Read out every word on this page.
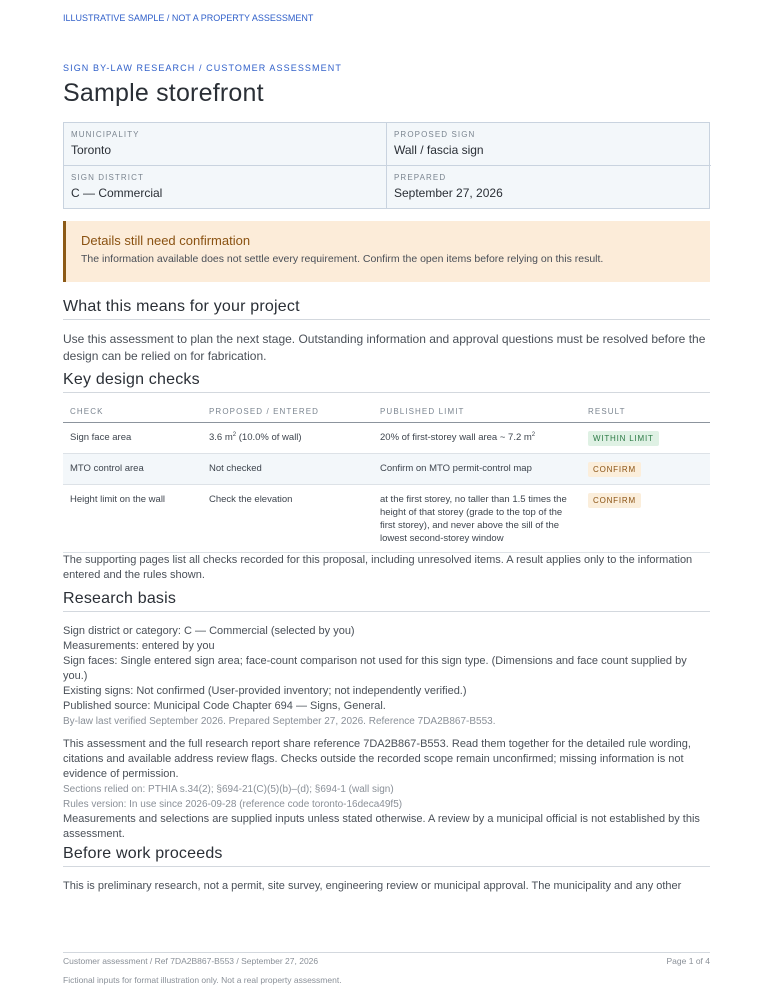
ILLUSTRATIVE SAMPLE / NOT A PROPERTY ASSESSMENT
SIGN BY-LAW RESEARCH / CUSTOMER ASSESSMENT
Sample storefront
MUNICIPALITY
Toronto
PROPOSED SIGN
Wall / fascia sign
SIGN DISTRICT
C — Commercial
PREPARED
September 27, 2026
Details still need confirmation
The information available does not settle every requirement. Confirm the open items before relying on this result.
What this means for your project

Use this assessment to plan the next stage. Outstanding information and approval questions must be resolved before the design can be relied on for fabrication.

Key design checks
CHECK	PROPOSED / ENTERED	PUBLISHED LIMIT	RESULT
Sign face area	3.6 $m^2$ (10.0% of wall)	20% of first-storey wall area ~ 7.2 $m^2$	WITHIN LIMIT
MTO control area	Not checked	Confirm on MTO permit-control map	CONFIRM
Height limit on the wall	Check the elevation	at the first storey, no taller than 1.5 times the height of that storey (grade to the top of the first storey), and never above the sill of the lowest second-storey window	CONFIRM

The supporting pages list all checks recorded for this proposal, including unresolved items. A result applies only to the information entered and the rules shown.

Research basis
Sign district or category: C — Commercial (selected by you)
Measurements: entered by you
Sign faces: Single entered sign area; face-count comparison not used for this sign type. (Dimensions and face count supplied by you.)
Existing signs: Not confirmed (User-provided inventory; not independently verified.)
Published source: Municipal Code Chapter 694 — Signs, General.
By-law last verified September 2026. Prepared September 27, 2026. Reference 7DA2B867-B553.
This assessment and the full research report share reference 7DA2B867-B553. Read them together for the detailed rule wording, citations and available address review flags. Checks outside the recorded scope remain unconfirmed; missing information is not evidence of permission.
Sections relied on: PTHIA s.34(2); §694-21(C)(5)(b)–(d); §694-1 (wall sign)
Rules version: In use since 2026-09-28 (reference code toronto-16deca49f5)
Measurements and selections are supplied inputs unless stated otherwise. A review by a municipal official is not established by this assessment.
Before work proceeds

This is preliminary research, not a permit, site survey, engineering review or municipal approval. The municipality and any other

Customer assessment / Ref 7DA2B867-B553 / September 27, 2026	Page 1 of 4
Fictional inputs for format illustration only. Not a real property assessment.
